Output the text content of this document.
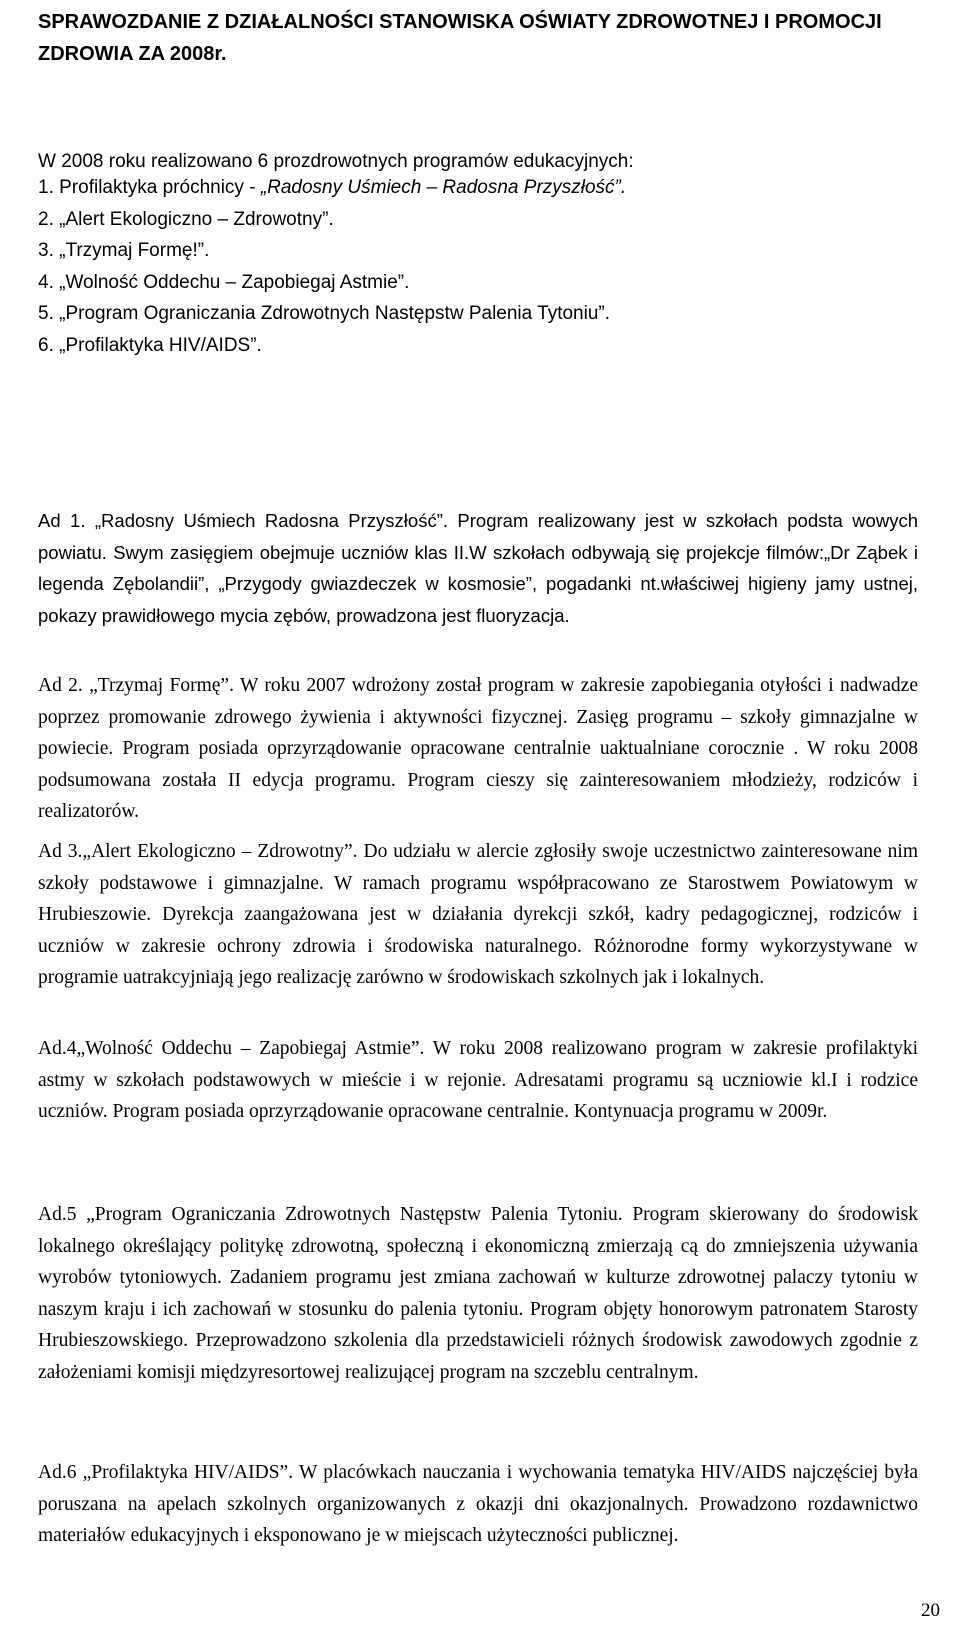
SPRAWOZDANIE Z DZIAŁALNOŚCI STANOWISKA OŚWIATY ZDROWOTNEJ I PROMOCJI ZDROWIA ZA 2008r.

W 2008 roku realizowano 6 prozdrowotnych programów edukacyjnych:

1. Profilaktyka próchnicy - „Radosny Uśmiech – Radosna Przyszłość”.
2. „Alert Ekologiczno – Zdrowotny”.
3. „Trzymaj Formę!”.
4. „Wolność Oddechu – Zapobiegaj Astmie”.
5. „Program Ograniczania Zdrowotnych Następstw Palenia Tytoniu”.
6. „Profilaktyka HIV/AIDS”.

Ad 1. „Radosny Uśmiech Radosna Przyszłość”. Program realizowany jest w szkołach podsta wowych powiatu. Swym zasięgiem obejmuje uczniów klas II.W szkołach odbywają się projekcje filmów:„Dr Ząbek i legenda Zębolandii”, „Przygody gwiazdeczek w kosmosie”, pogadanki nt.właściwej higieny jamy ustnej, pokazy prawidłowego mycia zębów, prowadzona jest fluoryzacja.

Ad 2. „Trzymaj Formę”. W roku 2007 wdrożony został program w zakresie zapobiegania otyłości i nadwadze poprzez promowanie zdrowego żywienia i aktywności fizycznej. Zasięg programu – szkoły gimnazjalne w powiecie. Program posiada oprzyrządowanie opracowane centralnie uaktualniane corocznie . W roku 2008 podsumowana została II edycja programu. Program cieszy się zainteresowaniem młodzieży, rodziców i realizatorów.

Ad 3.„Alert Ekologiczno – Zdrowotny”. Do udziału w alercie zgłosiły swoje uczestnictwo zainteresowane nim szkoły podstawowe i gimnazjalne. W ramach programu współpracowano ze Starostwem Powiatowym w Hrubieszowie. Dyrekcja zaangażowana jest w działania dyrekcji szkół, kadry pedagogicznej, rodziców i uczniów w zakresie ochrony zdrowia i środowiska naturalnego. Różnorodne formy wykorzystywane w programie uatrakcyjniają jego realizację zarówno w środowiskach szkolnych jak i lokalnych.

Ad.4„Wolność Oddechu – Zapobiegaj Astmie”. W roku 2008 realizowano program w zakresie profilaktyki astmy w szkołach podstawowych w mieście i w rejonie. Adresatami programu są uczniowie kl.I i rodzice uczniów. Program posiada oprzyrządowanie opracowane centralnie. Kontynuacja programu w 2009r.

Ad.5 „Program Ograniczania Zdrowotnych Następstw Palenia Tytoniu. Program skierowany do środowisk lokalnego określający politykę zdrowotną, społeczną i ekonomiczną zmierzają cą do zmniejszenia używania wyrobów tytoniowych. Zadaniem programu jest zmiana zachowań w kulturze zdrowotnej palaczy tytoniu w naszym kraju i ich zachowań w stosunku do palenia tytoniu. Program objęty honorowym patronatem Starosty Hrubieszowskiego. Przeprowadzono szkolenia dla przedstawicieli różnych środowisk zawodowych zgodnie z założeniami komisji międzyresortowej realizującej program na szczeblu centralnym.

Ad.6 „Profilaktyka HIV/AIDS”. W placówkach nauczania i wychowania tematyka HIV/AIDS najczęściej była poruszana na apelach szkolnych organizowanych z okazji dni okazjonalnych. Prowadzono rozdawnictwo materiałów edukacyjnych i eksponowano je w miejscach użyteczności publicznej.

20
